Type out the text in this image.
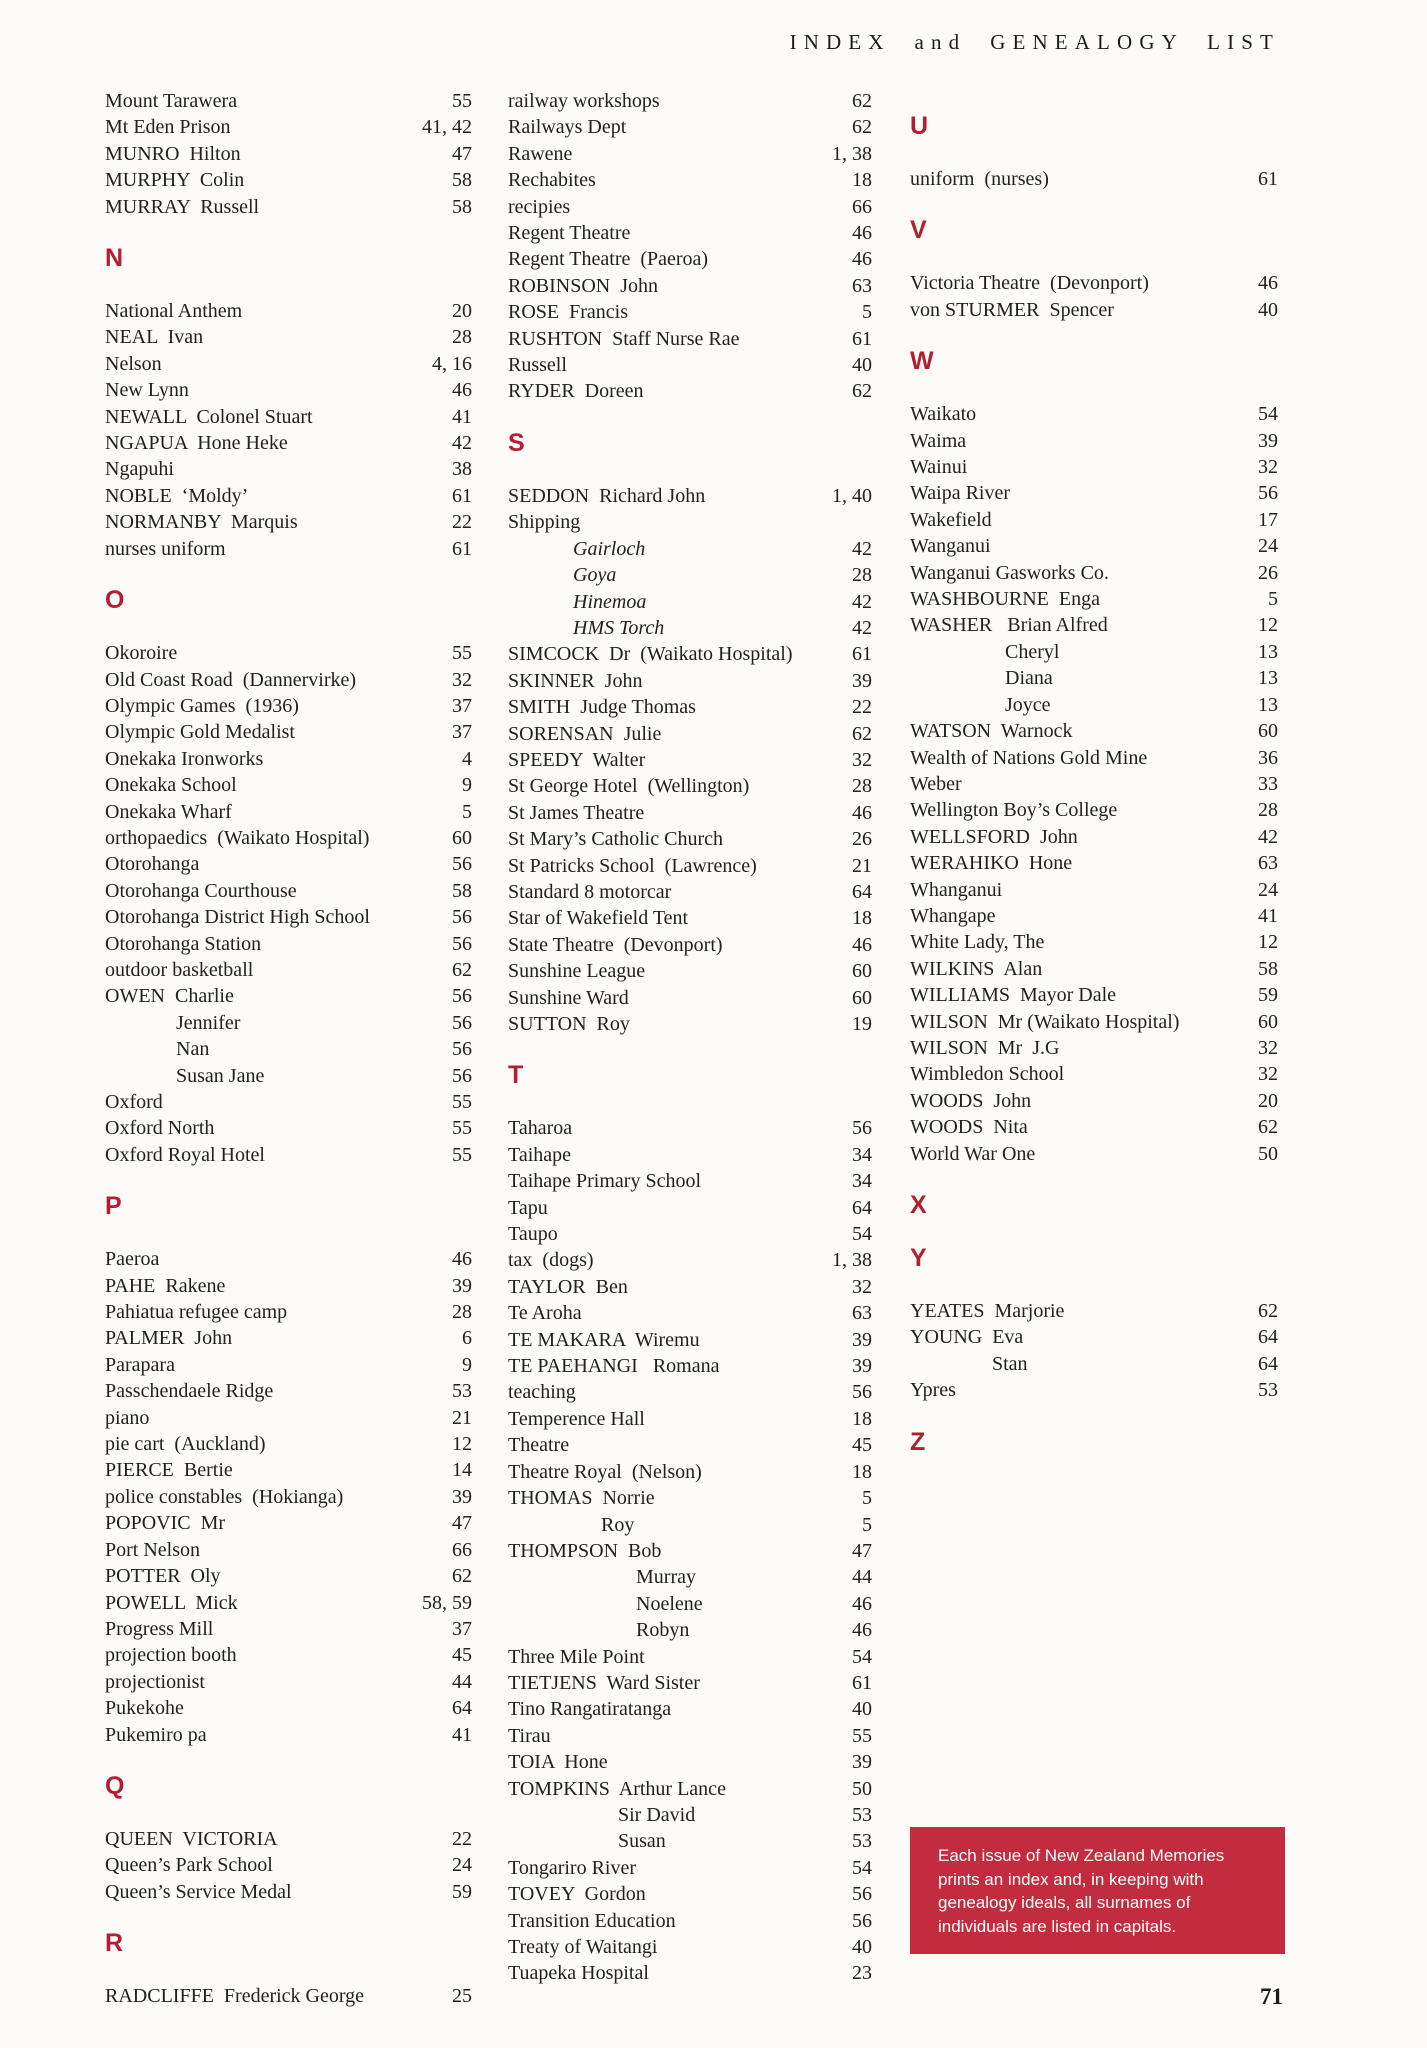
INDEX and GENEALOGY LIST
Mount Tarawera	55
Mt Eden Prison	41, 42
MUNRO  Hilton	47
MURPHY  Colin	58
MURRAY  Russell	58
N
National Anthem	20
NEAL  Ivan	28
Nelson	4, 16
New Lynn	46
NEWALL  Colonel Stuart	41
NGAPUA  Hone Heke	42
Ngapuhi	38
NOBLE  ‘Moldy’	61
NORMANBY  Marquis	22
nurses uniform	61
O
Okoroire	55
Old Coast Road  (Dannervirke)	32
Olympic Games  (1936)	37
Olympic Gold Medalist	37
Onekaka Ironworks	4
Onekaka School	9
Onekaka Wharf	5
orthopaedics  (Waikato Hospital)	60
Otorohanga	56
Otorohanga Courthouse	58
Otorohanga District High School	56
Otorohanga Station	56
outdoor basketball	62
OWEN  Charlie	56
Jennifer	56
Nan	56
Susan Jane	56
Oxford	55
Oxford North	55
Oxford Royal Hotel	55
P
Paeroa	46
PAHE  Rakene	39
Pahiatua refugee camp	28
PALMER  John	6
Parapara	9
Passchendaele Ridge	53
piano	21
pie cart  (Auckland)	12
PIERCE  Bertie	14
police constables  (Hokianga)	39
POPOVIC  Mr	47
Port Nelson	66
POTTER  Oly	62
POWELL  Mick	58, 59
Progress Mill	37
projection booth	45
projectionist	44
Pukekohe	64
Pukemiro pa	41
Q
QUEEN  VICTORIA	22
Queen’s Park School	24
Queen’s Service Medal	59
R
RADCLIFFE  Frederick George	25
railway workshops	62
Railways Dept	62
Rawene	1, 38
Rechabites	18
recipies	66
Regent Theatre	46
Regent Theatre  (Paeroa)	46
ROBINSON  John	63
ROSE  Francis	5
RUSHTON  Staff Nurse Rae	61
Russell	40
RYDER  Doreen	62
S
SEDDON  Richard John	1, 40
Shipping
Gairloch	42
Goya	28
Hinemoa	42
HMS Torch	42
SIMCOCK  Dr  (Waikato Hospital)	61
SKINNER  John	39
SMITH  Judge Thomas	22
SORENSAN  Julie	62
SPEEDY  Walter	32
St George Hotel  (Wellington)	28
St James Theatre	46
St Mary’s Catholic Church	26
St Patricks School  (Lawrence)	21
Standard 8 motorcar	64
Star of Wakefield Tent	18
State Theatre  (Devonport)	46
Sunshine League	60
Sunshine Ward	60
SUTTON  Roy	19
T
Taharoa	56
Taihape	34
Taihape Primary School	34
Tapu	64
Taupo	54
tax  (dogs)	1, 38
TAYLOR  Ben	32
Te Aroha	63
TE MAKARA  Wiremu	39
TE PAEHANGI   Romana	39
teaching	56
Temperence Hall	18
Theatre	45
Theatre Royal  (Nelson)	18
THOMAS  Norrie	5
Roy	5
THOMPSON  Bob	47
Murray	44
Noelene	46
Robyn	46
Three Mile Point	54
TIETJENS  Ward Sister	61
Tino Rangatiratanga	40
Tirau	55
TOIA  Hone	39
TOMPKINS  Arthur Lance	50
Sir David	53
Susan	53
Tongariro River	54
TOVEY  Gordon	56
Transition Education	56
Treaty of Waitangi	40
Tuapeka Hospital	23
U
uniform  (nurses)	61
V
Victoria Theatre  (Devonport)	46
von STURMER  Spencer	40
W
Waikato	54
Waima	39
Wainui	32
Waipa River	56
Wakefield	17
Wanganui	24
Wanganui Gasworks Co.	26
WASHBOURNE  Enga	5
WASHER   Brian Alfred	12
Cheryl	13
Diana	13
Joyce	13
WATSON  Warnock	60
Wealth of Nations Gold Mine	36
Weber	33
Wellington Boy’s College	28
WELLSFORD  John	42
WERAHIKO  Hone	63
Whanganui	24
Whangape	41
White Lady, The	12
WILKINS  Alan	58
WILLIAMS  Mayor Dale	59
WILSON  Mr (Waikato Hospital)	60
WILSON  Mr  J.G	32
Wimbledon School	32
WOODS  John	20
WOODS  Nita	62
World War One	50
X
Y
YEATES  Marjorie	62
YOUNG  Eva	64
Stan	64
Ypres	53
Z
Each issue of New Zealand Memories prints an index and, in keeping with genealogy ideals, all surnames of individuals are listed in capitals.
71
